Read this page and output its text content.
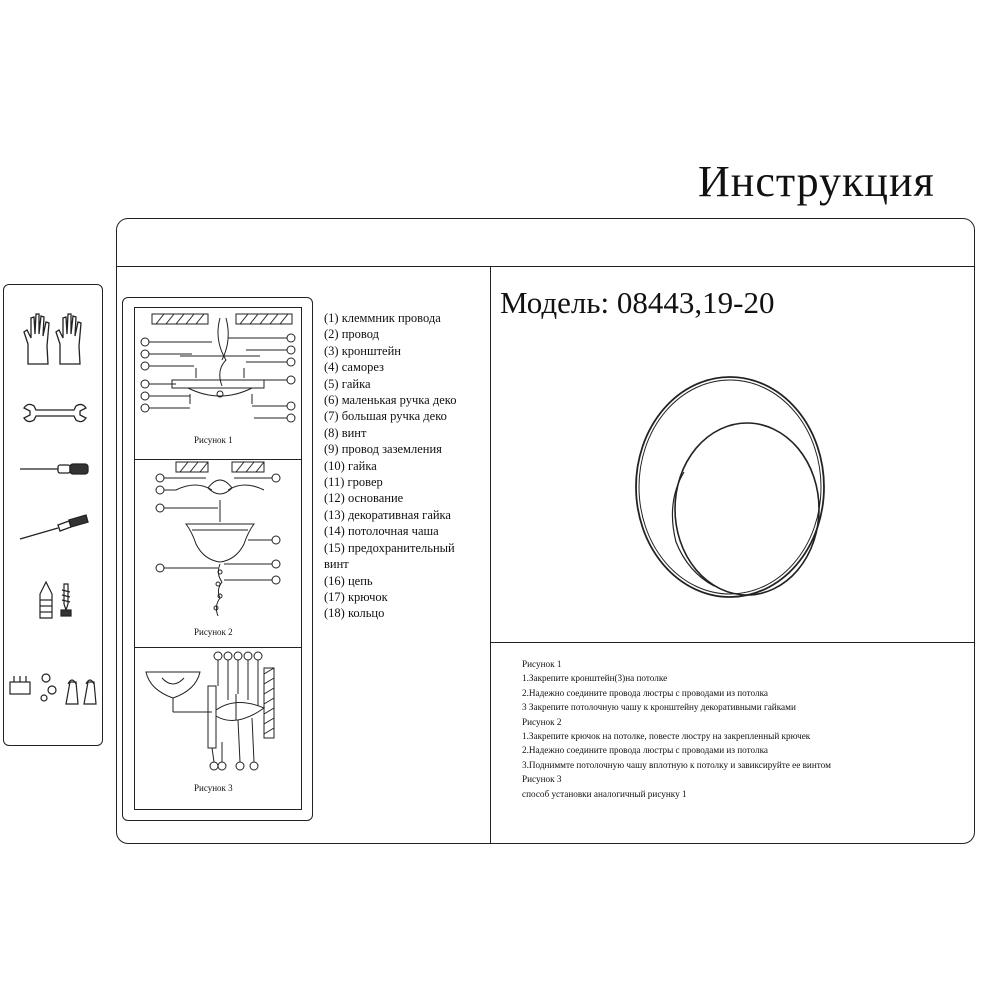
Инструкция
Рисунок 1
Рисунок 2
Рисунок 3
(1) клеммник провода
(2) провод
(3) кронштейн
(4) саморез
(5) гайка
(6) маленькая ручка деко
(7) большая ручка деко
(8) винт
(9) провод заземления
(10) гайка
(11) гровер
(12) основание
(13) декоративная гайка
(14) потолочная чаша
(15) предохранительный
винт
(16) цепь
(17) крючок
(18) кольцо
Модель: 08443,19-20
Рисунок 1
1.Закрепите кронштейн(3)на потолке
2.Надежно соедините провода люстры с проводами из потолка
3 Закрепите потолочную чашу к кронштейну декоративными гайками
Рисунок 2
1.Закрепите крючок на потолке, повесте люстру на закрепленный крючек
2.Надежно соедините провода люстры с проводами из потолка
3.Подниммте потолочную чашу вплотную к потолку и завиксируйте ее винтом
Рисунок 3
способ установки аналогичный рисунку 1
